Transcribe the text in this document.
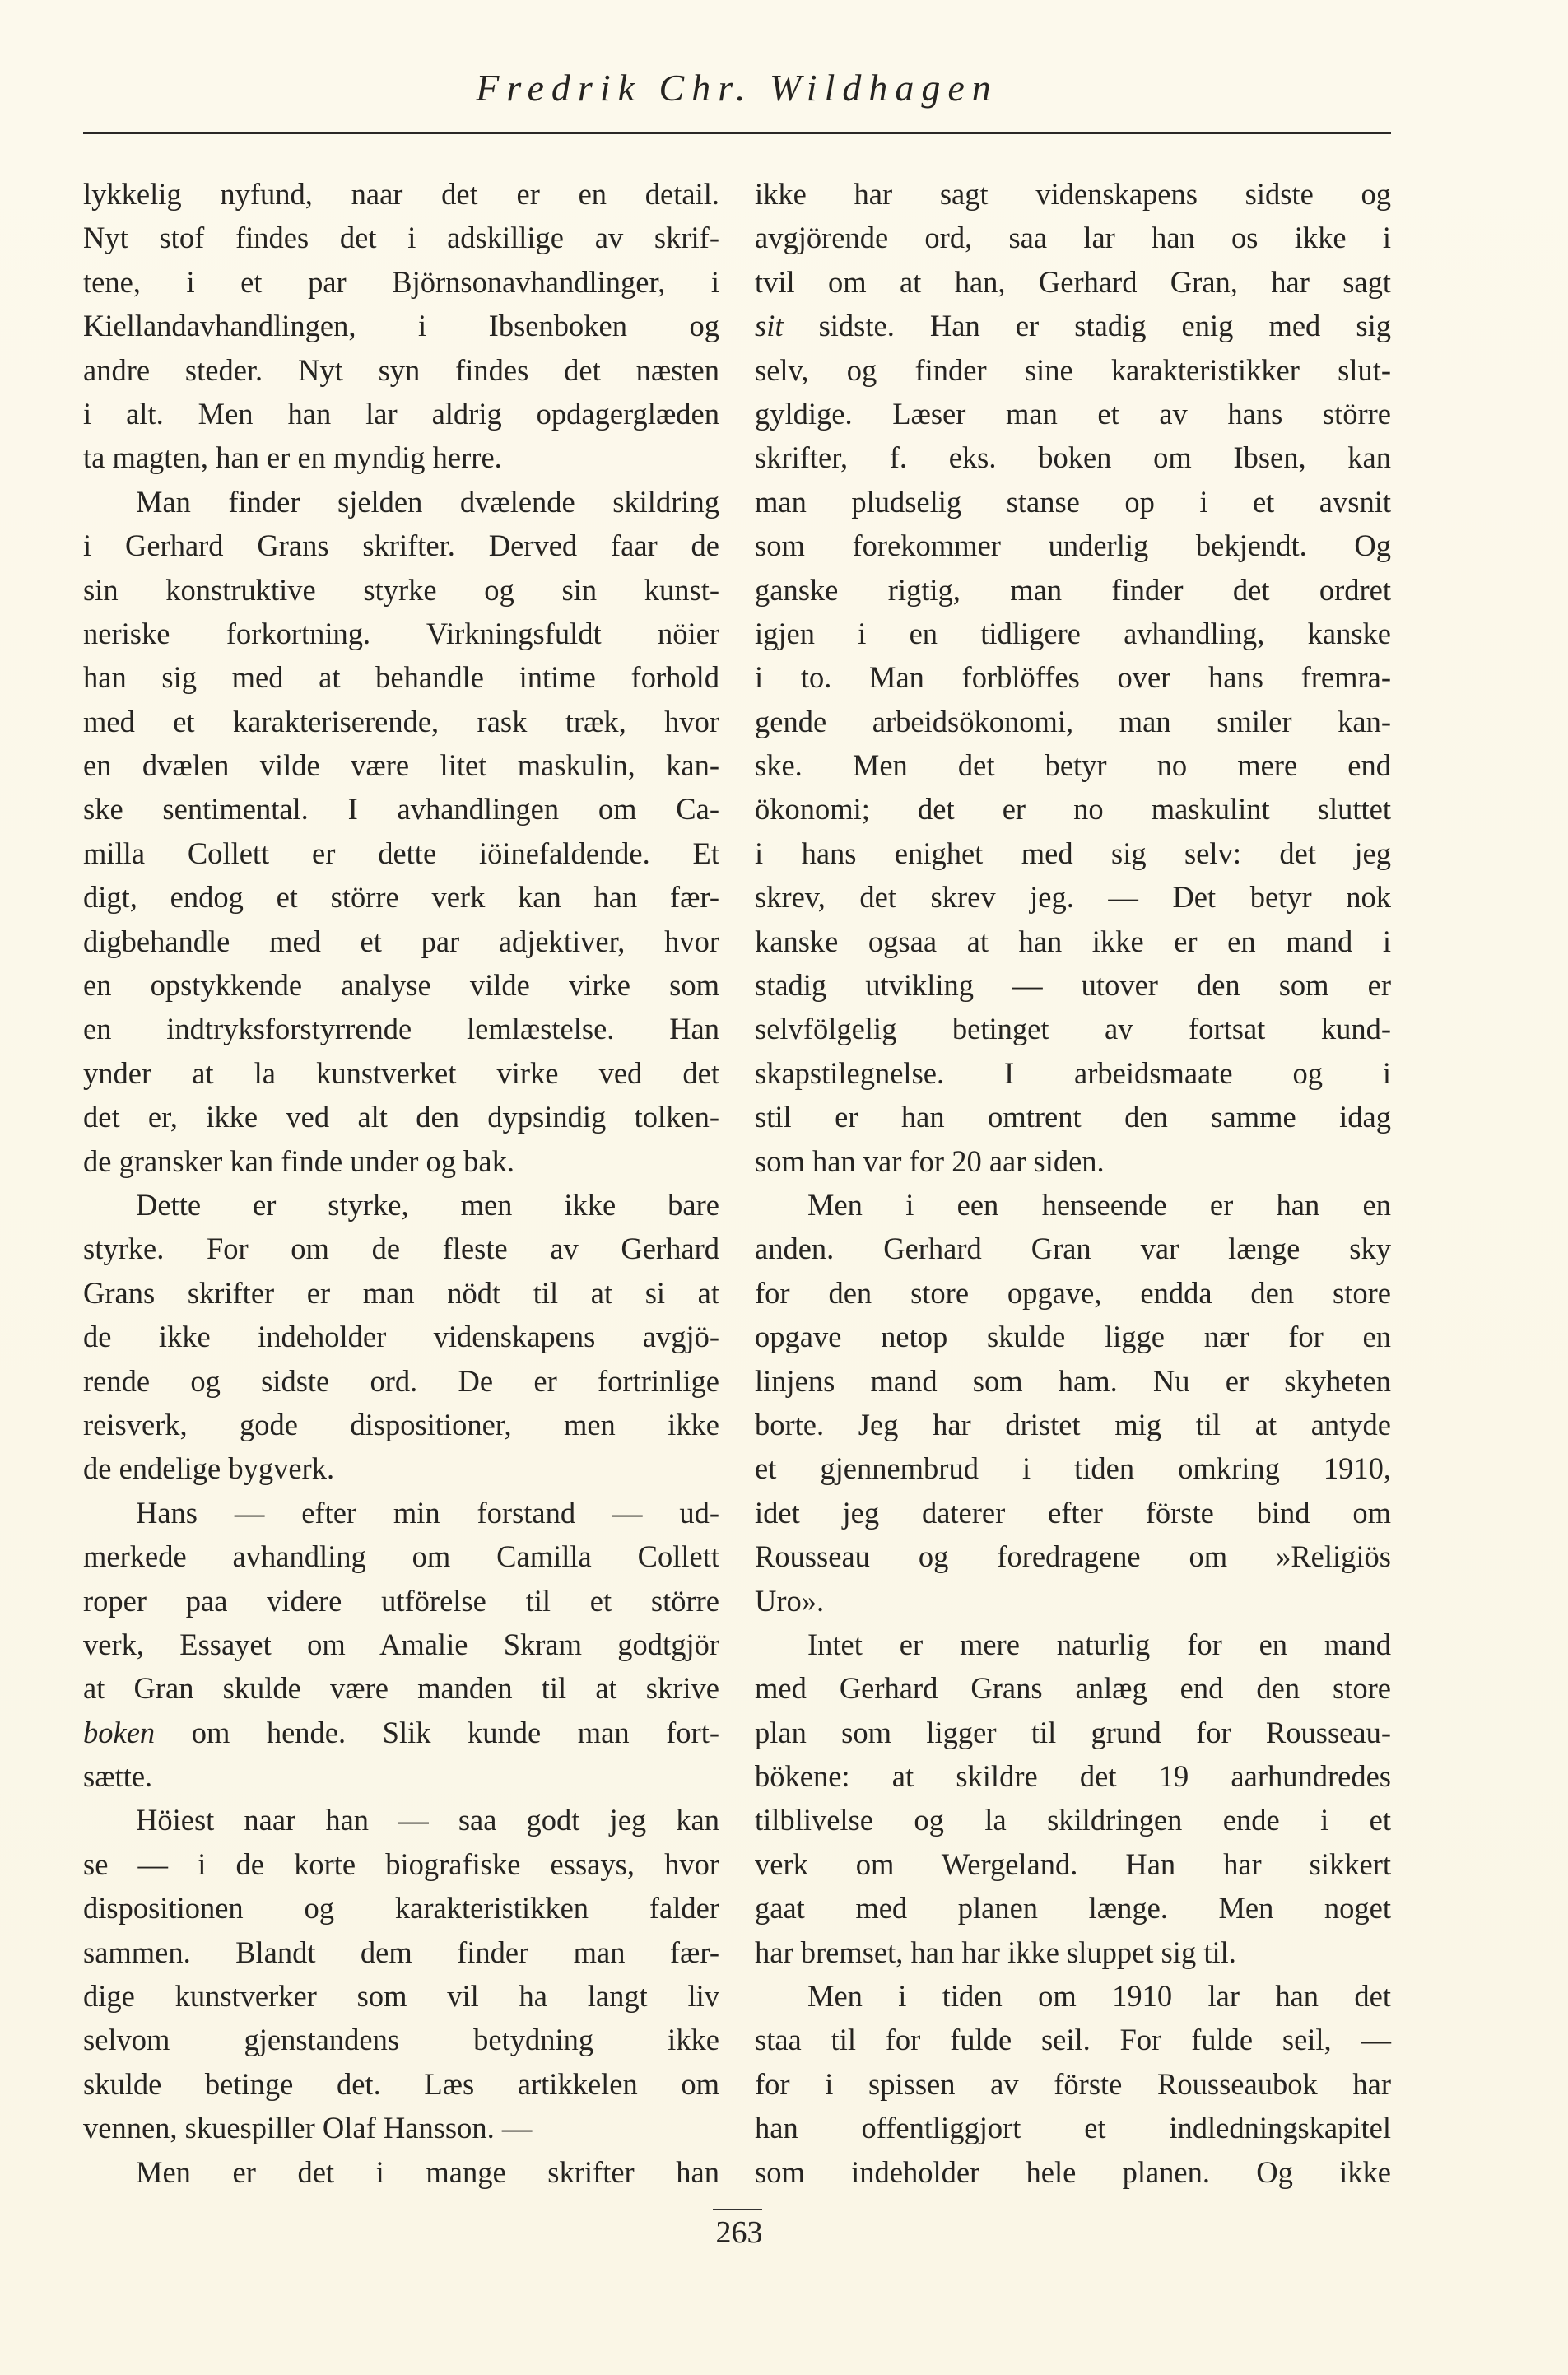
Fredrik Chr. Wildhagen
lykkelig nyfund, naar det er en detail.
Nyt stof findes det i adskillige av skrif-
tene, i et par Björnsonavhandlinger, i
Kiellandavhandlingen, i Ibsenboken og
andre steder. Nyt syn findes det næsten
i alt. Men han lar aldrig opdagerglæden
ta magten, han er en myndig herre.
Man finder sjelden dvælende skildring
i Gerhard Grans skrifter. Derved faar de
sin konstruktive styrke og sin kunst-
neriske forkortning. Virkningsfuldt nöier
han sig med at behandle intime forhold
med et karakteriserende, rask træk, hvor
en dvælen vilde være litet maskulin, kan-
ske sentimental. I avhandlingen om Ca-
milla Collett er dette iöinefaldende. Et
digt, endog et större verk kan han fær-
digbehandle med et par adjektiver, hvor
en opstykkende analyse vilde virke som
en indtryksforstyrrende lemlæstelse. Han
ynder at la kunstverket virke ved det
det er, ikke ved alt den dypsindig tolken-
de gransker kan finde under og bak.
Dette er styrke, men ikke bare
styrke. For om de fleste av Gerhard
Grans skrifter er man nödt til at si at
de ikke indeholder videnskapens avgjö-
rende og sidste ord. De er fortrinlige
reisverk, gode dispositioner, men ikke
de endelige bygverk.
Hans — efter min forstand — ud-
merkede avhandling om Camilla Collett
roper paa videre utförelse til et större
verk, Essayet om Amalie Skram godtgjör
at Gran skulde være manden til at skrive
boken om hende. Slik kunde man fort-
sætte.
Höiest naar han — saa godt jeg kan
se — i de korte biografiske essays, hvor
dispositionen og karakteristikken falder
sammen. Blandt dem finder man fær-
dige kunstverker som vil ha langt liv
selvom gjenstandens betydning ikke
skulde betinge det. Læs artikkelen om
vennen, skuespiller Olaf Hansson. —
Men er det i mange skrifter han
ikke har sagt videnskapens sidste og
avgjörende ord, saa lar han os ikke i
tvil om at han, Gerhard Gran, har sagt
sit sidste. Han er stadig enig med sig
selv, og finder sine karakteristikker slut-
gyldige. Læser man et av hans större
skrifter, f. eks. boken om Ibsen, kan
man pludselig stanse op i et avsnit
som forekommer underlig bekjendt. Og
ganske rigtig, man finder det ordret
igjen i en tidligere avhandling, kanske
i to. Man forblöffes over hans fremra-
gende arbeidsökonomi, man smiler kan-
ske. Men det betyr no mere end
ökonomi; det er no maskulint sluttet
i hans enighet med sig selv: det jeg
skrev, det skrev jeg. — Det betyr nok
kanske ogsaa at han ikke er en mand i
stadig utvikling — utover den som er
selvfölgelig betinget av fortsat kund-
skapstilegnelse. I arbeidsmaate og i
stil er han omtrent den samme idag
som han var for 20 aar siden.
Men i een henseende er han en
anden. Gerhard Gran var længe sky
for den store opgave, endda den store
opgave netop skulde ligge nær for en
linjens mand som ham. Nu er skyheten
borte. Jeg har dristet mig til at antyde
et gjennembrud i tiden omkring 1910,
idet jeg daterer efter förste bind om
Rousseau og foredragene om »Religiös
Uro».
Intet er mere naturlig for en mand
med Gerhard Grans anlæg end den store
plan som ligger til grund for Rousseau-
bökene: at skildre det 19 aarhundredes
tilblivelse og la skildringen ende i et
verk om Wergeland. Han har sikkert
gaat med planen længe. Men noget
har bremset, han har ikke sluppet sig til.
Men i tiden om 1910 lar han det
staa til for fulde seil. For fulde seil, —
for i spissen av förste Rousseaubok har
han offentliggjort et indledningskapitel
som indeholder hele planen. Og ikke
263
